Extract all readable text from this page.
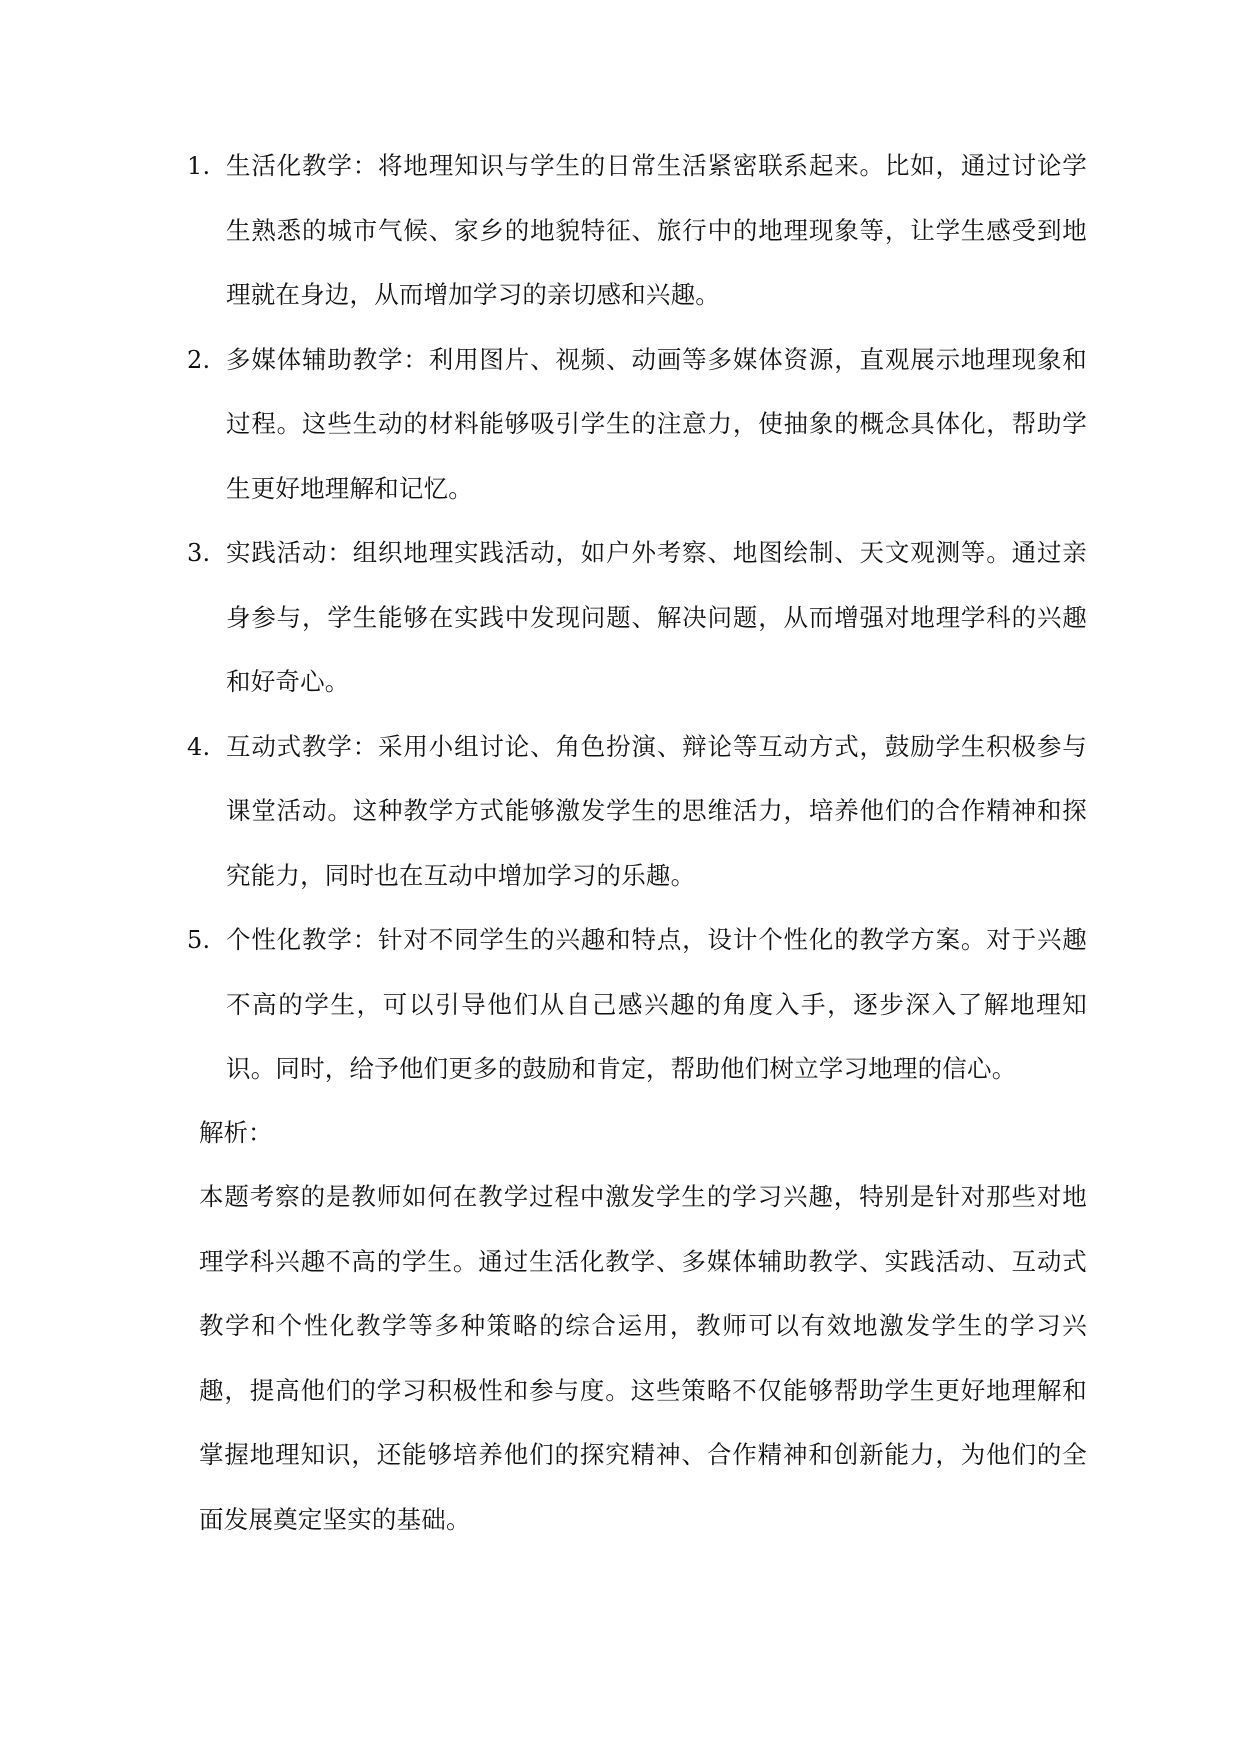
1. 生活化教学：将地理知识与学生的日常生活紧密联系起来。比如，通过讨论学生熟悉的城市气候、家乡的地貌特征、旅行中的地理现象等，让学生感受到地理就在身边，从而增加学习的亲切感和兴趣。
2. 多媒体辅助教学：利用图片、视频、动画等多媒体资源，直观展示地理现象和过程。这些生动的材料能够吸引学生的注意力，使抽象的概念具体化，帮助学生更好地理解和记忆。
3. 实践活动：组织地理实践活动，如户外考察、地图绘制、天文观测等。通过亲身参与，学生能够在实践中发现问题、解决问题，从而增强对地理学科的兴趣和好奇心。
4. 互动式教学：采用小组讨论、角色扮演、辩论等互动方式，鼓励学生积极参与课堂活动。这种教学方式能够激发学生的思维活力，培养他们的合作精神和探究能力，同时也在互动中增加学习的乐趣。
5. 个性化教学：针对不同学生的兴趣和特点，设计个性化的教学方案。对于兴趣不高的学生，可以引导他们从自己感兴趣的角度入手，逐步深入了解地理知识。同时，给予他们更多的鼓励和肯定，帮助他们树立学习地理的信心。

解析：

本题考察的是教师如何在教学过程中激发学生的学习兴趣，特别是针对那些对地理学科兴趣不高的学生。通过生活化教学、多媒体辅助教学、实践活动、互动式教学和个性化教学等多种策略的综合运用，教师可以有效地激发学生的学习兴趣，提高他们的学习积极性和参与度。这些策略不仅能够帮助学生更好地理解和掌握地理知识，还能够培养他们的探究精神、合作精神和创新能力，为他们的全面发展奠定坚实的基础。
